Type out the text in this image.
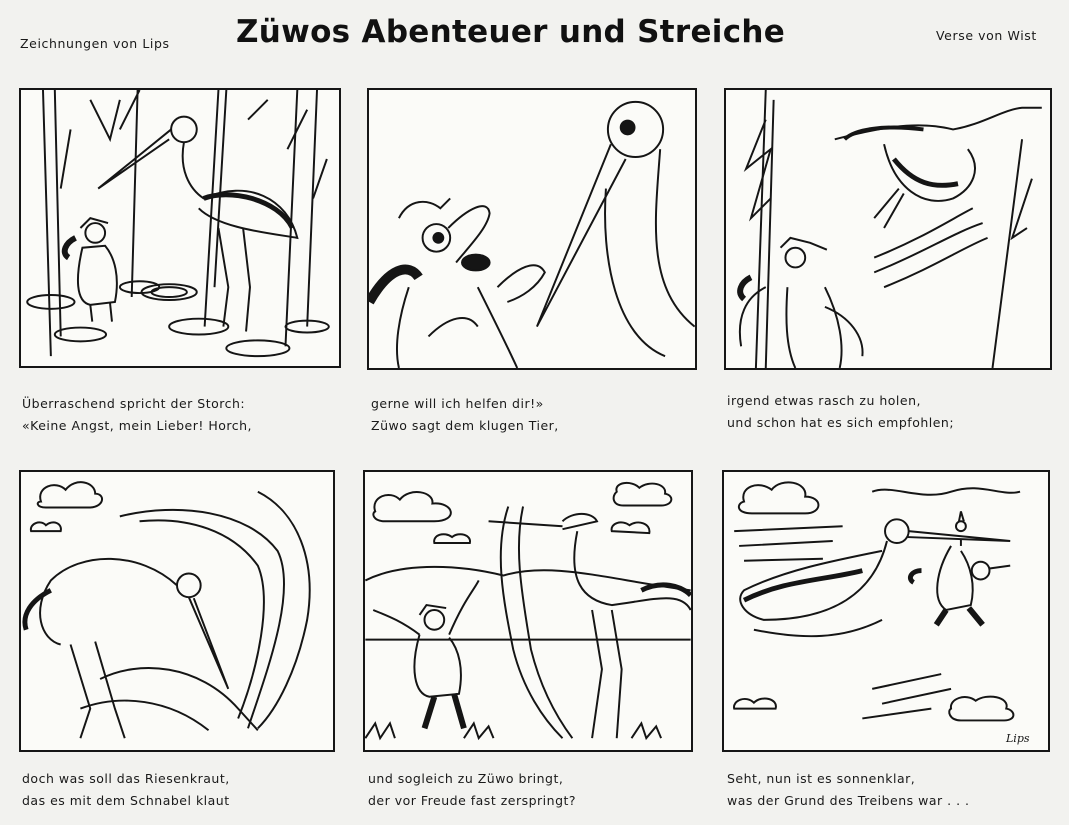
Zeichnungen von Lips Züwos Abenteuer und Streiche	Verse von Wist
Lips
Überraschend spricht der Storch:
«Keine Angst, mein Lieber! Horch,
gerne will ich helfen dir!»
Züwo sagt dem klugen Tier,
irgend etwas rasch zu holen,
und schon hat es sich empfohlen;
doch was soll das Riesenkraut,
das es mit dem Schnabel klaut
und sogleich zu Züwo bringt,
der vor Freude fast zerspringt?
Seht, nun ist es sonnenklar,
was der Grund des Treibens war . . .
